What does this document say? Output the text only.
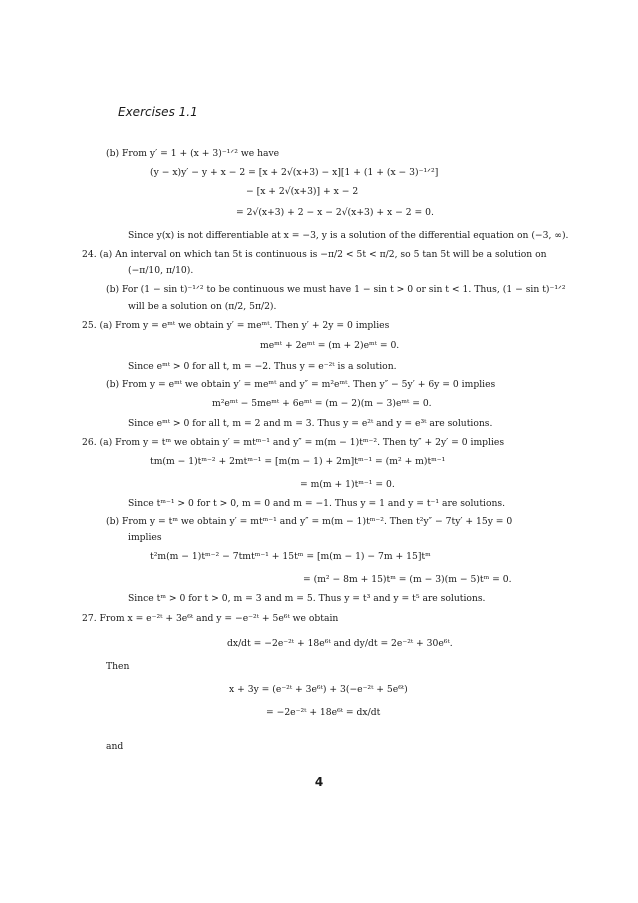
Exercises 1.1
(b) From y′ = 1 + (x + 3)⁻¹ᐟ² we have
(y − x)y′ − y + x − 2 = [x + 2√(x+3) − x][1 + (1 + (x − 3)⁻¹ᐟ²]
− [x + 2√(x+3)] + x − 2
= 2√(x+3) + 2 − x − 2√(x+3) + x − 2 = 0.
Since y(x) is not differentiable at x = −3, y is a solution of the differential equation on (−3, ∞).
24. (a) An interval on which tan 5t is continuous is −π/2 < 5t < π/2, so 5 tan 5t will be a solution on
(−π/10, π/10).
(b) For (1 − sin t)⁻¹ᐟ² to be continuous we must have 1 − sin t > 0 or sin t < 1. Thus, (1 − sin t)⁻¹ᐟ²
will be a solution on (π/2, 5π/2).
25. (a) From y = eᵐᵗ we obtain y′ = meᵐᵗ. Then y′ + 2y = 0 implies
meᵐᵗ + 2eᵐᵗ = (m + 2)eᵐᵗ = 0.
Since eᵐᵗ > 0 for all t, m = −2. Thus y = e⁻²ᵗ is a solution.
(b) From y = eᵐᵗ we obtain y′ = meᵐᵗ and y″ = m²eᵐᵗ. Then y″ − 5y′ + 6y = 0 implies
m²eᵐᵗ − 5meᵐᵗ + 6eᵐᵗ = (m − 2)(m − 3)eᵐᵗ = 0.
Since eᵐᵗ > 0 for all t, m = 2 and m = 3. Thus y = e²ᵗ and y = e³ᵗ are solutions.
26. (a) From y = tᵐ we obtain y′ = mtᵐ⁻¹ and y″ = m(m − 1)tᵐ⁻². Then ty″ + 2y′ = 0 implies
tm(m − 1)tᵐ⁻² + 2mtᵐ⁻¹ = [m(m − 1) + 2m]tᵐ⁻¹ = (m² + m)tᵐ⁻¹
= m(m + 1)tᵐ⁻¹ = 0.
Since tᵐ⁻¹ > 0 for t > 0, m = 0 and m = −1. Thus y = 1 and y = t⁻¹ are solutions.
(b) From y = tᵐ we obtain y′ = mtᵐ⁻¹ and y″ = m(m − 1)tᵐ⁻². Then t²y″ − 7ty′ + 15y = 0
implies
t²m(m − 1)tᵐ⁻² − 7tmtᵐ⁻¹ + 15tᵐ = [m(m − 1) − 7m + 15]tᵐ
= (m² − 8m + 15)tᵐ = (m − 3)(m − 5)tᵐ = 0.
Since tᵐ > 0 for t > 0, m = 3 and m = 5. Thus y = t³ and y = t⁵ are solutions.
27. From x = e⁻²ᵗ + 3e⁶ᵗ and y = −e⁻²ᵗ + 5e⁶ᵗ we obtain
dx/dt = −2e⁻²ᵗ + 18e⁶ᵗ and dy/dt = 2e⁻²ᵗ + 30e⁶ᵗ.
Then
x + 3y = (e⁻²ᵗ + 3e⁶ᵗ) + 3(−e⁻²ᵗ + 5e⁶ᵗ)
= −2e⁻²ᵗ + 18e⁶ᵗ = dx/dt
and
4
